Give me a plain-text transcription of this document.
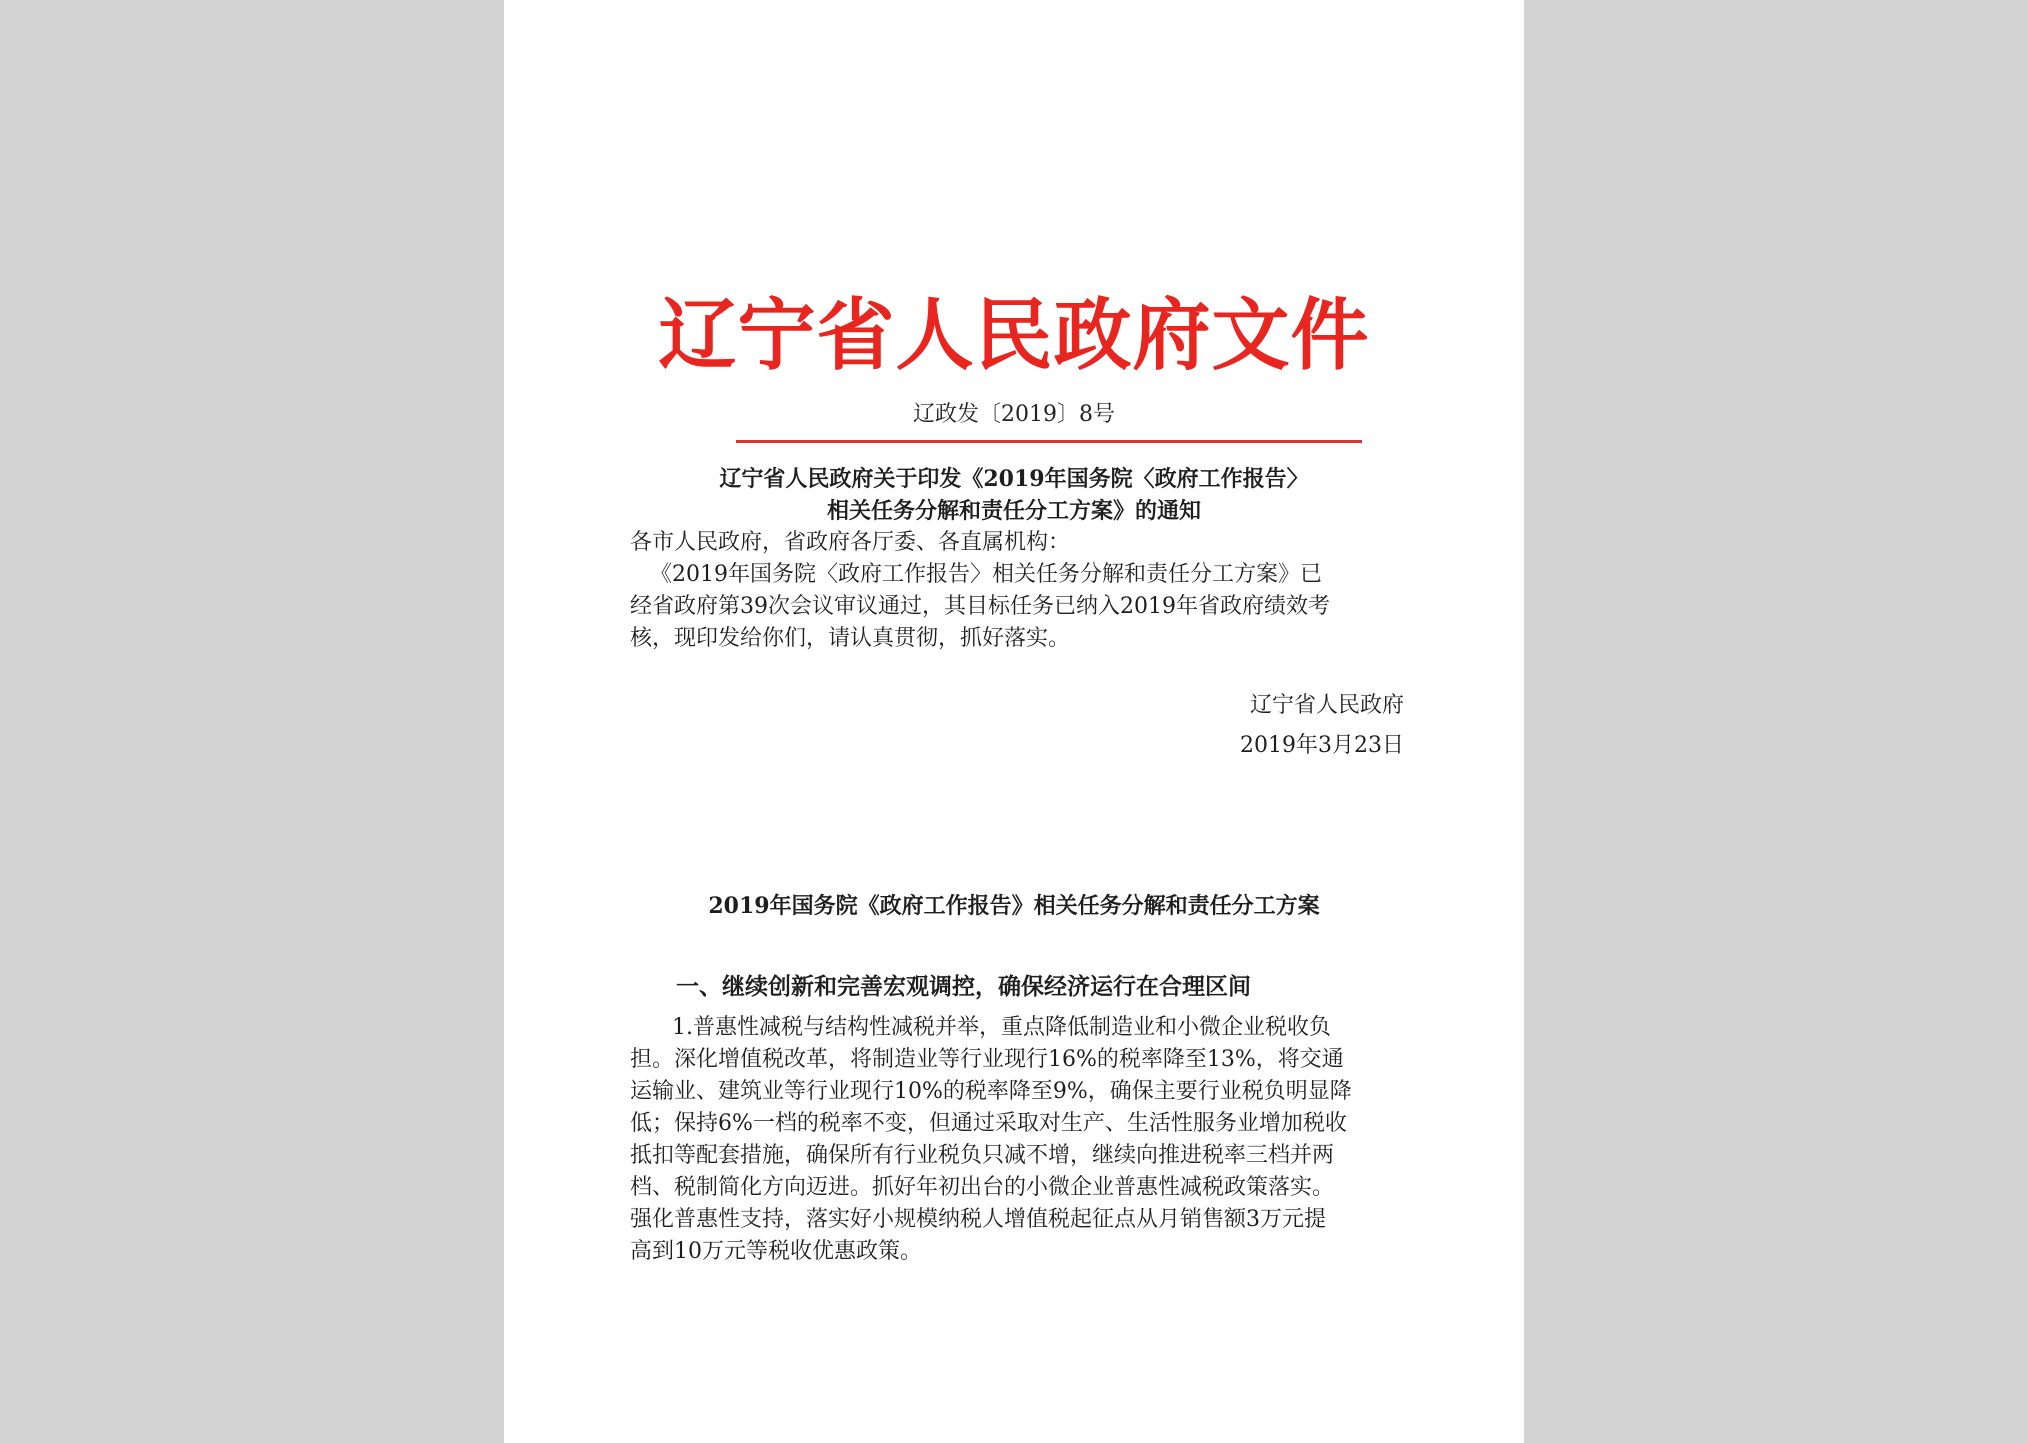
辽宁省人民政府文件
辽政发〔2019〕8号
辽宁省人民政府关于印发《2019年国务院〈政府工作报告〉
相关任务分解和责任分工方案》的通知
各市人民政府，省政府各厅委、各直属机构：
《2019年国务院〈政府工作报告〉相关任务分解和责任分工方案》已
经省政府第39次会议审议通过，其目标任务已纳入2019年省政府绩效考
核，现印发给你们，请认真贯彻，抓好落实。
辽宁省人民政府
2019年3月23日
2019年国务院《政府工作报告》相关任务分解和责任分工方案
一、继续创新和完善宏观调控，确保经济运行在合理区间
1.普惠性减税与结构性减税并举，重点降低制造业和小微企业税收负
担。深化增值税改革，将制造业等行业现行16%的税率降至13%，将交通
运输业、建筑业等行业现行10%的税率降至9%，确保主要行业税负明显降
低；保持6%一档的税率不变，但通过采取对生产、生活性服务业增加税收
抵扣等配套措施，确保所有行业税负只减不增，继续向推进税率三档并两
档、税制简化方向迈进。抓好年初出台的小微企业普惠性减税政策落实。
强化普惠性支持，落实好小规模纳税人增值税起征点从月销售额3万元提
高到10万元等税收优惠政策。
